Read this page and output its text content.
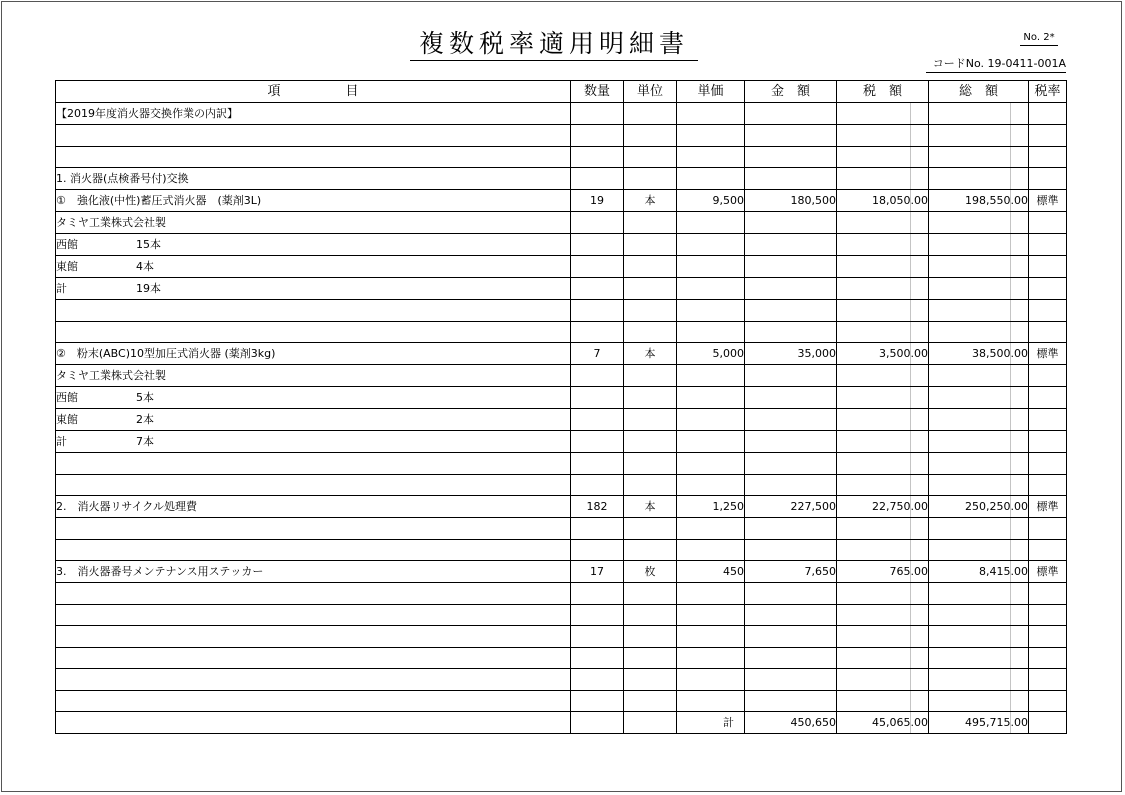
複数税率適用明細書	No. 2*
コードNo. 19-0411-001A
項　　　　　目	数量	単位	単価	金　額	税　額	総　額	税率
【2019年度消火器交換作業の内訳】							

1. 消火器(点検番号付)交換							
①　強化液(中性)蓄圧式消火器　(薬剤3L)	19	本	9,500	180,500	18,050.00	198,550.00	標準
タミヤ工業株式会社製							
西館 15本							
東館 4本							
計 19本							

②　粉末(ABC)10型加圧式消火器 (薬剤3kg)	7	本	5,000	35,000	3,500.00	38,500.00	標準
タミヤ工業株式会社製							
西館 5本							
東館 2本							
計 7本							

2.　消火器リサイクル処理費	182	本	1,250	227,500	22,750.00	250,250.00	標準

3.　消火器番号メンテナンス用ステッカー	17	枚	450	7,650	765.00	8,415.00	標準

			計	450,650	45,065.00	495,715.00	
